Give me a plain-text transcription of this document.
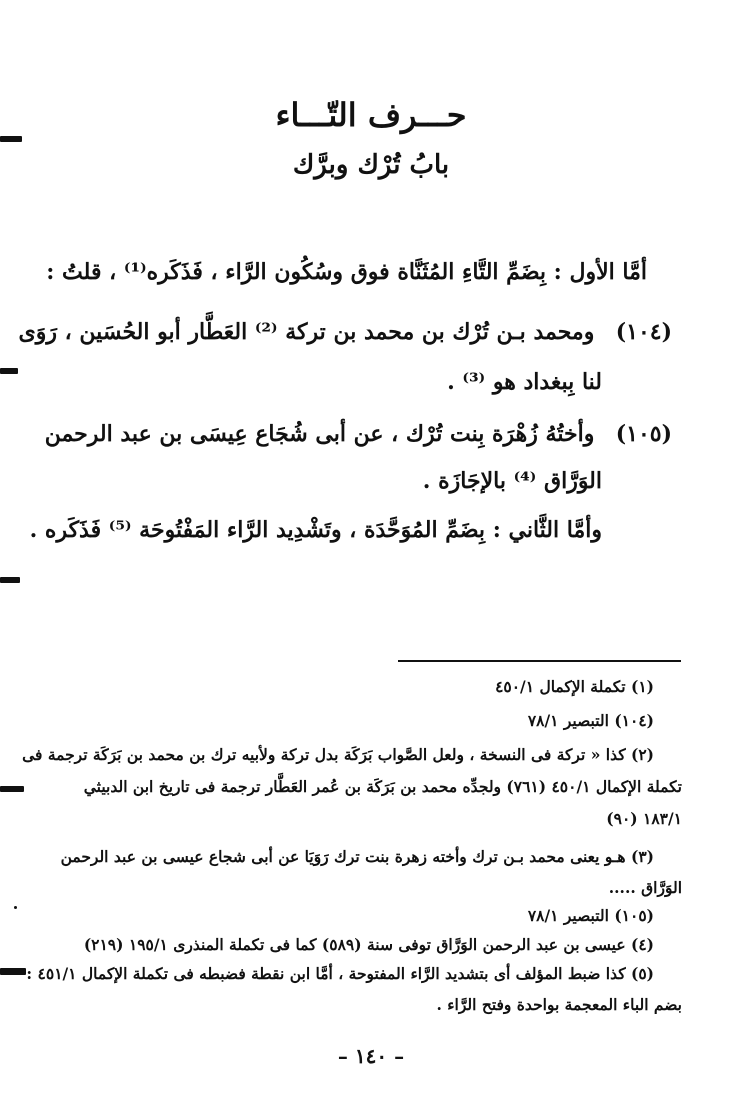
حـــرف التّـــاء
بابُ تُرْك وبرَّك
أمَّا الأول : بِضَمِّ التَّاءِ المُثَنَّاة فوق وسُكُون الرَّاء ، فَذَكَره⁽¹⁾ ، قلتُ :
(١٠٤) ومحمد بـن تُرْك بن محمد بن تركة ⁽²⁾ العَطَّار أبو الحُسَين ، رَوَى
لنا بِبغداد هو ⁽³⁾ .
(١٠٥) وأختُهُ زُهْرَة بِنت تُرْك ، عن أبى شُجَاع عِيسَى بن عبد الرحمن
الوَرَّاق ⁽⁴⁾ بالإجَازَة .
وأمَّا الثَّاني : بِضَمِّ المُوَحَّدَة ، وتَشْدِيد الرَّاء المَفْتُوحَة ⁽⁵⁾ فَذَكَره .
(١) تكملة الإكمال ٤٥٠/١
(١٠٤) التبصير ٧٨/١
(٢) كذا « تركة فى النسخة ، ولعل الصَّواب بَرَكَة بدل تركة ولأبيه ترك بن محمد بن بَرَكَة ترجمة فى
تكملة الإكمال ٤٥٠/١ (٧٦١) ولجدِّه محمد بن بَرَكَة بن عُمر العَطَّار ترجمة فى تاريخ ابن الدبيثي
١٨٣/١ (٩٠)
(٣) هـو يعنى محمد بـن ترك وأخته زهرة بنت ترك رَوَيَا عن أبى شجاع عيسى بن عبد الرحمن
الوَرَّاق .....
(١٠٥) التبصير ٧٨/١
(٤) عيسى بن عبد الرحمن الوَرَّاق توفى سنة (٥٨٩) كما فى تكملة المنذرى ١٩٥/١ (٢١٩)
(٥) كذا ضبط المؤلف أى بتشديد الرَّاء المفتوحة ، أمَّا ابن نقطة فضبطه فى تكملة الإكمال ٤٥١/١ :
بضم الباء المعجمة بواحدة وفتح الرَّاء .
– ١٤٠ –
